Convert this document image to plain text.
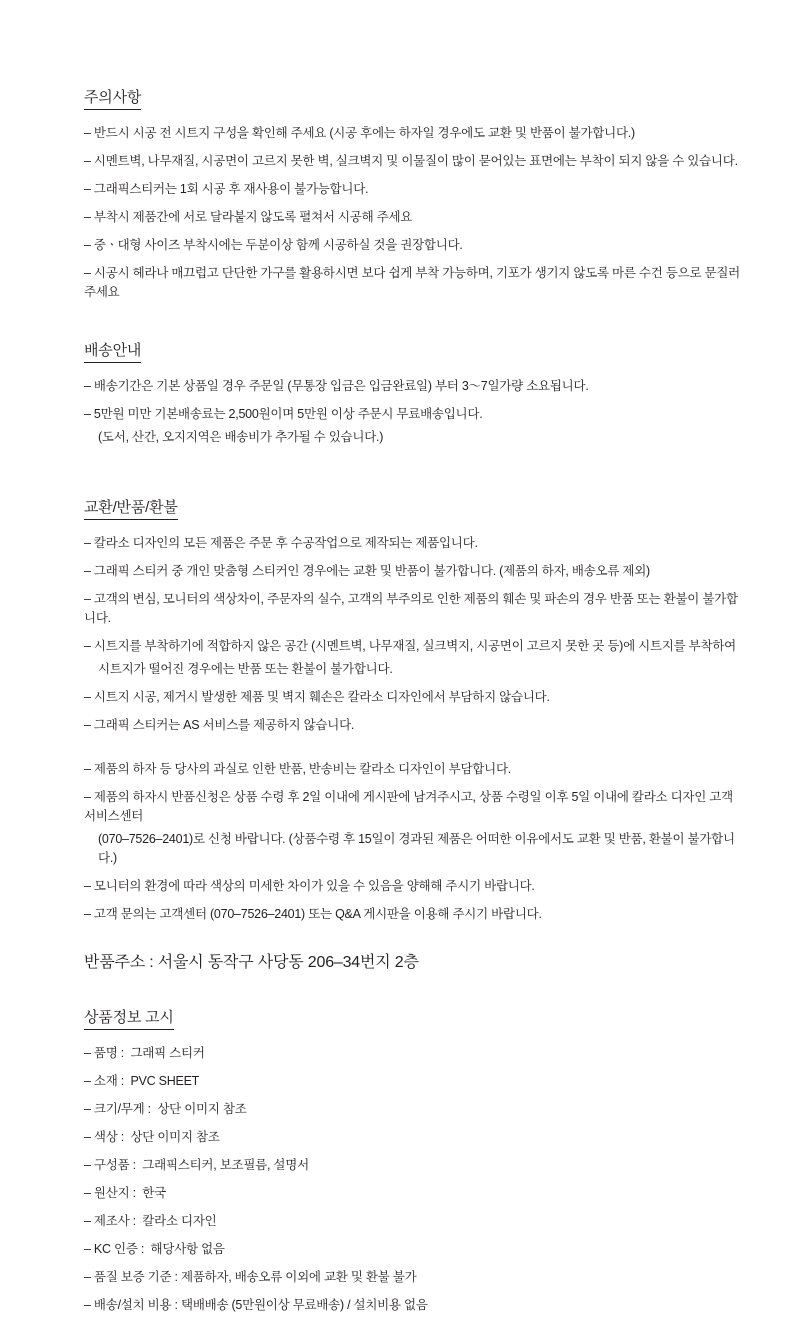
주의사항
– 반드시 시공 전 시트지 구성을 확인해 주세요 (시공 후에는 하자일 경우에도 교환 및 반품이 불가합니다.)
– 시멘트벽, 나무재질, 시공면이 고르지 못한 벽, 실크벽지 및 이물질이 많이 묻어있는 표면에는 부착이 되지 않을 수 있습니다.
– 그래픽스티커는 1회 시공 후 재사용이 불가능합니다.
– 부착시 제품간에 서로 달라붙지 않도록 펼쳐서 시공해 주세요
– 중ㆍ대형 사이즈 부착시에는 두분이상 함께 시공하실 것을 권장합니다.
– 시공시 헤라나 매끄럽고 단단한 가구를 활용하시면 보다 쉽게 부착 가능하며, 기포가 생기지 않도록 마른 수건 등으로 문질러 주세요
배송안내
– 배송기간은 기본 상품일 경우 주문일 (무통장 입금은 입금완료일) 부터 3〜7일가량 소요됩니다.
– 5만원 미만 기본배송료는 2,500원이며 5만원 이상 주문시 무료배송입니다.
(도서, 산간, 오지지역은 배송비가 추가될 수 있습니다.)
교환/반품/환불
– 칼라소 디자인의 모든 제품은 주문 후 수공작업으로 제작되는 제품입니다.
– 그래픽 스티커 중 개인 맞춤형 스티커인 경우에는 교환 및 반품이 불가합니다. (제품의 하자, 배송오류 제외)
– 고객의 변심, 모니터의 색상차이, 주문자의 실수, 고객의 부주의로 인한 제품의 훼손 및 파손의 경우 반품 또는 환불이 불가합니다.
– 시트지를 부착하기에 적합하지 않은 공간 (시멘트벽, 나무재질, 실크벽지, 시공면이 고르지 못한 곳 등)에 시트지를 부착하여
시트지가 떨어진 경우에는 반품 또는 환불이 불가합니다.
– 시트지 시공, 제거시 발생한 제품 및 벽지 훼손은 칼라소 디자인에서 부담하지 않습니다.
– 그래픽 스티커는 AS 서비스를 제공하지 않습니다.
– 제품의 하자 등 당사의 과실로 인한 반품, 반송비는 칼라소 디자인이 부담합니다.
– 제품의 하자시 반품신청은 상품 수령 후 2일 이내에 게시판에 남겨주시고, 상품 수령일 이후 5일 이내에 칼라소 디자인 고객 서비스센터
(070–7526–2401)로 신청 바랍니다. (상품수령 후 15일이 경과된 제품은 어떠한 이유에서도 교환 및 반품, 환불이 불가합니다.)
– 모니터의 환경에 따라 색상의 미세한 차이가 있을 수 있음을 양해해 주시기 바랍니다.
– 고객 문의는 고객센터 (070–7526–2401) 또는 Q&A 게시판을 이용해 주시기 바랍니다.
반품주소 : 서울시 동작구 사당동 206–34번지 2층
상품정보 고시
– 품명 :  그래픽 스티커
– 소재 :  PVC SHEET
– 크기/무게 :  상단 이미지 참조
– 색상 :  상단 이미지 참조
– 구성품 :  그래픽스티커, 보조필름, 설명서
– 원산지 :  한국
– 제조사 :  칼라소 디자인
– KC 인증 :  해당사항 없음
– 품질 보증 기준 : 제품하자, 배송오류 이외에 교환 및 환불 불가
– 배송/설치 비용 : 택배배송 (5만원이상 무료배송) / 설치비용 없음
